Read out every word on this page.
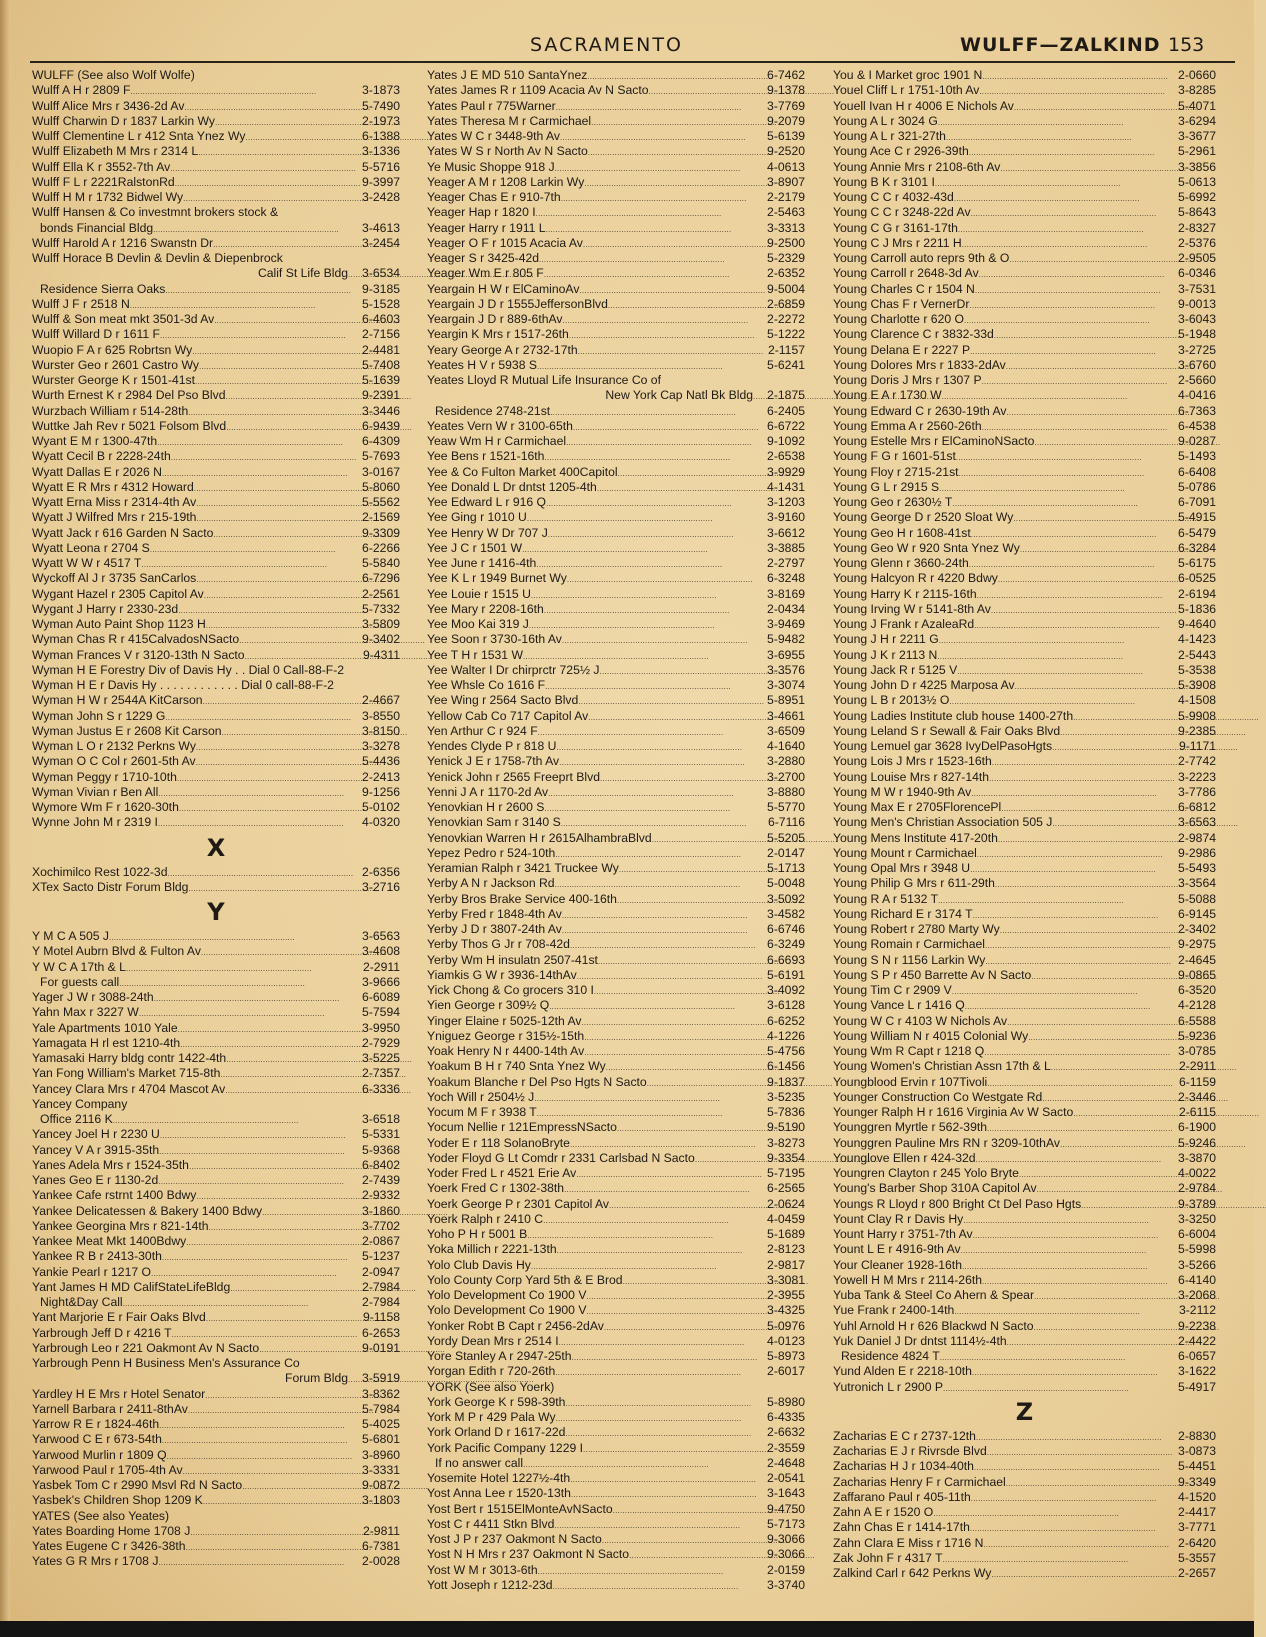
SACRAMENTO	WULFF—ZALKIND 153
WULFF (See also Wolf Wolfe)
Wulff A H r 2809 F . . .	3-1873
Wulff Alice Mrs r 3436-2d Av . . .	5-7490
Wulff Charwin D r 1837 Larkin Wy . . .	2-1973
Wulff Clementine L r 412 Snta Ynez Wy . . .	6-1388
Wulff Elizabeth M Mrs r 2314 L . . .	3-1336
Wulff Ella K r 3552-7th Av . . .	5-5716
Wulff F L r 2221RalstonRd . . .	9-3997
Wulff H M r 1732 Bidwel Wy . . .	3-2428
Wulff Hansen & Co investmnt brokers stock &
bonds Financial Bldg . . .	3-4613
Wulff Harold A r 1216 Swanstn Dr . . .	3-2454
Wulff Horace B Devlin & Devlin & Diepenbrock
Calif St Life Bldg . . . 3-6534
Residence Sierra Oaks . . .	9-3185
Wulff J F r 2518 N . . .	5-1528
Wulff & Son meat mkt 3501-3d Av . . .	6-4603
Wulff Willard D r 1611 F . . .	2-7156
Wuopio F A r 625 Robrtsn Wy . . .	2-4481
Wurster Geo r 2601 Castro Wy . . .	5-7408
Wurster George K r 1501-41st . . .	5-1639
Wurth Ernest K r 2984 Del Pso Blvd . . .	9-2391
Wurzbach William r 514-28th . . .	3-3446
Wuttke Jah Rev r 5021 Folsom Blvd . . .	6-9439
Wyant E M r 1300-47th . . .	6-4309
Wyatt Cecil B r 2228-24th . . .	5-7693
Wyatt Dallas E r 2026 N . . .	3-0167
Wyatt E R Mrs r 4312 Howard . . .	5-8060
Wyatt Erna Miss r 2314-4th Av . . .	5-5562
Wyatt J Wilfred Mrs r 215-19th . . .	2-1569
Wyatt Jack r 616 Garden N Sacto . . .	9-3309
Wyatt Leona r 2704 S . . .	6-2266
Wyatt W W r 4517 T . . .	5-5840
Wyckoff Al J r 3735 SanCarlos . . .	6-7296
Wygant Hazel r 2305 Capitol Av . . .	2-2561
Wygant J Harry r 2330-23d . . .	5-7332
Wyman Auto Paint Shop 1123 H . . .	3-5809
Wyman Chas R r 415CalvadosNSacto . . .	9-3402
Wyman Frances V r 3120-13th N Sacto . . .	9-4311
Wyman H E Forestry Div of Davis Hy . . Dial 0 Call-88-F-2
Wyman H E r Davis Hy . . . . . . . . . . . . Dial 0 call-88-F-2
Wyman H W r 2544A KitCarson . . .	2-4667
Wyman John S r 1229 G . . .	3-8550
Wyman Justus E r 2608 Kit Carson . . .	3-8150
Wyman L O r 2132 Perkns Wy . . .	3-3278
Wyman O C Col r 2601-5th Av . . .	5-4436
Wyman Peggy r 1710-10th . . .	2-2413
Wyman Vivian r Ben All . . .	9-1256
Wymore Wm F r 1620-30th . . .	5-0102
Wynne John M r 2319 I . . .	4-0320
X
Xochimilco Rest 1022-3d . . .	2-6356
XTex Sacto Distr Forum Bldg . . .	3-2716
Y
Y M C A 505 J . . .	3-6563
Y Motel Aubrn Blvd & Fulton Av . . .	3-4608
Y W C A 17th & L . . .	2-2911
For guests call . . .	3-9666
Yager J W r 3088-24th . . .	6-6089
Yahn Max r 3227 W . . .	5-7594
Yale Apartments 1010 Yale . . .	3-9950
Yamagata H rl est 1210-4th . . .	2-7929
Yamasaki Harry bldg contr 1422-4th . . .	3-5225
Yan Fong William's Market 715-8th . . .	2-7357
Yancey Clara Mrs r 4704 Mascot Av . . .	6-3336
Yancey Company
Office 2116 K . . .	3-6518
Yancey Joel H r 2230 U . . .	5-5331
Yancey V A r 3915-35th . . .	5-9368
Yanes Adela Mrs r 1524-35th . . .	6-8402
Yanes Geo E r 1130-2d . . .	2-7439
Yankee Cafe rstrnt 1400 Bdwy . . .	2-9332
Yankee Delicatessen & Bakery 1400 Bdwy . . .	3-1860
Yankee Georgina Mrs r 821-14th . . .	3-7702
Yankee Meat Mkt 1400Bdwy . . .	2-0867
Yankee R B r 2413-30th . . .	5-1237
Yankie Pearl r 1217 O . . .	2-0947
Yant James H MD CalifStateLifeBldg . . .	2-7984
Night&Day Call . . .	2-7984
Yant Marjorie E r Fair Oaks Blvd . . .	9-1158
Yarbrough Jeff D r 4216 T . . .	6-2653
Yarbrough Leo r 221 Oakmont Av N Sacto . . .	9-0191
Yarbrough Penn H Business Men's Assurance Co
Forum Bldg . . . 3-5919
Yardley H E Mrs r Hotel Senator . . .	3-8362
Yarnell Barbara r 2411-8thAv . . .	5-7984
Yarrow R E r 1824-46th . . .	5-4025
Yarwood C E r 673-54th . . .	5-6801
Yarwood Murlin r 1809 Q . . .	3-8960
Yarwood Paul r 1705-4th Av . . .	3-3331
Yasbek Tom C r 2990 Msvl Rd N Sacto . . .	9-0872
Yasbek's Children Shop 1209 K . . .	3-1803
YATES (See also Yeates)
Yates Boarding Home 1708 J . . .	2-9811
Yates Eugene C r 3426-38th . . .	6-7381
Yates G R Mrs r 1708 J . . .	2-0028
Yates J E MD 510 SantaYnez . . .	6-7462
Yates James R r 1109 Acacia Av N Sacto . . .	9-1378
Yates Paul r 775Warner . . .	3-7769
Yates Theresa M r Carmichael . . .	9-2079
Yates W C r 3448-9th Av . . .	5-6139
Yates W S r North Av N Sacto . . .	9-2520
Ye Music Shoppe 918 J . . .	4-0613
Yeager A M r 1208 Larkin Wy . . .	3-8907
Yeager Chas E r 910-7th . . .	2-2179
Yeager Hap r 1820 I . . .	2-5463
Yeager Harry r 1911 L . . .	3-3313
Yeager O F r 1015 Acacia Av . . .	9-2500
Yeager S r 3425-42d . . .	5-2329
Yeager Wm E r 805 F . . .	2-6352
Yeargain H W r ElCaminoAv . . .	9-5004
Yeargain J D r 1555JeffersonBlvd . . .	2-6859
Yeargain J D r 889-6thAv . . .	2-2272
Yeargin K Mrs r 1517-26th . . .	5-1222
Yeary George A r 2732-17th . . .	2-1157
Yeates H V r 5938 S . . .	5-6241
Yeates Lloyd R Mutual Life Insurance Co of
New York Cap Natl Bk Bldg . . . 2-1875
Residence 2748-21st . . .	6-2405
Yeates Vern W r 3100-65th . . .	6-6722
Yeaw Wm H r Carmichael . . .	9-1092
Yee Bens r 1521-16th . . .	2-6538
Yee & Co Fulton Market 400Capitol . . .	3-9929
Yee Donald L Dr dntst 1205-4th . . .	4-1431
Yee Edward L r 916 Q . . .	3-1203
Yee Ging r 1010 U . . .	3-9160
Yee Henry W Dr 707 J . . .	3-6612
Yee J C r 1501 W . . .	3-3885
Yee June r 1416-4th . . .	2-2797
Yee K L r 1949 Burnet Wy . . .	6-3248
Yee Louie r 1515 U . . .	3-8169
Yee Mary r 2208-16th . . .	2-0434
Yee Moo Kai 319 J . . .	3-9469
Yee Soon r 3730-16th Av . . .	5-9482
Yee T H r 1531 W . . .	3-6955
Yee Walter I Dr chirprctr 725½ J . . .	3-3576
Yee Whsle Co 1616 F . . .	3-3074
Yee Wing r 2564 Sacto Blvd . . .	5-8951
Yellow Cab Co 717 Capitol Av . . .	3-4661
Yen Arthur C r 924 F . . .	3-6509
Yendes Clyde P r 818 U . . .	4-1640
Yenick J E r 1758-7th Av . . .	3-2880
Yenick John r 2565 Freeprt Blvd . . .	3-2700
Yenni J A r 1170-2d Av . . .	3-8880
Yenovkian H r 2600 S . . .	5-5770
Yenovkian Sam r 3140 S . . .	6-7116
Yenovkian Warren H r 2615AlhambraBlvd . . .	5-5205
Yepez Pedro r 524-10th . . .	2-0147
Yeramian Ralph r 3421 Truckee Wy . . .	5-1713
Yerby A N r Jackson Rd . . .	5-0048
Yerby Bros Brake Service 400-16th . . .	3-5092
Yerby Fred r 1848-4th Av . . .	3-4582
Yerby J D r 3807-24th Av . . .	6-6746
Yerby Thos G Jr r 708-42d . . .	6-3249
Yerby Wm H insulatn 2507-41st . . .	6-6693
Yiamkis G W r 3936-14thAv . . .	5-6191
Yick Chong & Co grocers 310 I . . .	3-4092
Yien George r 309½ Q . . .	3-6128
Yinger Elaine r 5025-12th Av . . .	6-6252
Yniguez George r 315½-15th . . .	4-1226
Yoak Henry N r 4400-14th Av . . .	5-4756
Yoakum B H r 740 Snta Ynez Wy . . .	6-1456
Yoakum Blanche r Del Pso Hgts N Sacto . . .	9-1837
Yoch Will r 2504½ J . . .	3-5235
Yocum M F r 3938 T . . .	5-7836
Yocum Nellie r 121EmpressNSacto . . .	9-5190
Yoder E r 118 SolanoBryte . . .	3-8273
Yoder Floyd G Lt Comdr r 2331 Carlsbad N Sacto . . .	9-3354
Yoder Fred L r 4521 Erie Av . . .	5-7195
Yoerk Fred C r 1302-38th . . .	6-2565
Yoerk George P r 2301 Capitol Av . . .	2-0624
Yoerk Ralph r 2410 C . . .	4-0459
Yoho P H r 5001 B . . .	5-1689
Yoka Millich r 2221-13th . . .	2-8123
Yolo Club Davis Hy . . .	2-9817
Yolo County Corp Yard 5th & E Brod . . .	3-3081
Yolo Development Co 1900 V . . .	2-3955
Yolo Development Co 1900 V . . .	3-4325
Yonker Robt B Capt r 2456-2dAv . . .	5-0976
Yordy Dean Mrs r 2514 I . . .	4-0123
Yore Stanley A r 2947-25th . . .	5-8973
Yorgan Edith r 720-26th . . .	2-6017
YORK (See also Yoerk)
York George K r 598-39th . . .	5-8980
York M P r 429 Pala Wy . . .	6-4335
York Orland D r 1617-22d . . .	2-6632
York Pacific Company 1229 I . . .	2-3559
If no answer call . . .	2-4648
Yosemite Hotel 1227½-4th . . .	2-0541
Yost Anna Lee r 1520-13th . . .	3-1643
Yost Bert r 1515ElMonteAvNSacto . . .	9-4750
Yost C r 4411 Stkn Blvd . . .	5-7173
Yost J P r 237 Oakmont N Sacto . . .	9-3066
Yost N H Mrs r 237 Oakmont N Sacto . . .	9-3066
Yost W M r 3013-6th . . .	2-0159
Yott Joseph r 1212-23d . . .	3-3740
You & I Market groc 1901 N . . .	2-0660
Youel Cliff L r 1751-10th Av . . .	3-8285
Youell Ivan H r 4006 E Nichols Av . . .	5-4071
Young A L r 3024 G . . .	3-6294
Young A L r 321-27th . . .	3-3677
Young Ace C r 2926-39th . . .	5-2961
Young Annie Mrs r 2108-6th Av . . .	3-3856
Young B K r 3101 I . . .	5-0613
Young C C r 4032-43d . . .	5-6992
Young C C r 3248-22d Av . . .	5-8643
Young C G r 3161-17th . . .	2-8327
Young C J Mrs r 2211 H . . .	2-5376
Young Carroll auto reprs 9th & O . . .	2-9505
Young Carroll r 2648-3d Av . . .	6-0346
Young Charles C r 1504 N . . .	3-7531
Young Chas F r VernerDr . . .	9-0013
Young Charlotte r 620 O . . .	3-6043
Young Clarence C r 3832-33d . . .	5-1948
Young Delana E r 2227 P . . .	3-2725
Young Dolores Mrs r 1833-2dAv . . .	3-6760
Young Doris J Mrs r 1307 P . . .	2-5660
Young E A r 1730 W . . .	4-0416
Young Edward C r 2630-19th Av . . .	6-7363
Young Emma A r 2560-26th . . .	6-4538
Young Estelle Mrs r ElCaminoNSacto . . .	9-0287
Young F G r 1601-51st . . .	5-1493
Young Floy r 2715-21st . . .	6-6408
Young G L r 2915 S . . .	5-0786
Young Geo r 2630½ T . . .	6-7091
Young George D r 2520 Sloat Wy . . .	5-4915
Young Geo H r 1608-41st . . .	6-5479
Young Geo W r 920 Snta Ynez Wy . . .	6-3284
Young Glenn r 3660-24th . . .	5-6175
Young Halcyon R r 4220 Bdwy . . .	6-0525
Young Harry K r 2115-16th . . .	2-6194
Young Irving W r 5141-8th Av . . .	5-1836
Young J Frank r AzaleaRd . . .	9-4640
Young J H r 2211 G . . .	4-1423
Young J K r 2113 N . . .	2-5443
Young Jack R r 5125 V . . .	5-3538
Young John D r 4225 Marposa Av . . .	5-3908
Young L B r 2013½ O . . .	4-1508
Young Ladies Institute club house 1400-27th . . .	5-9908
Young Leland S r Sewall & Fair Oaks Blvd . . .	9-2385
Young Lemuel gar 3628 IvyDelPasoHgts . . .	9-1171
Young Lois J Mrs r 1523-16th . . .	2-7742
Young Louise Mrs r 827-14th . . .	3-2223
Young M W r 1940-9th Av . . .	3-7786
Young Max E r 2705FlorencePl . . .	6-6812
Young Men's Christian Association 505 J . . .	3-6563
Young Mens Institute 417-20th . . .	2-9874
Young Mount r Carmichael . . .	9-2986
Young Opal Mrs r 3948 U . . .	5-5493
Young Philip G Mrs r 611-29th . . .	3-3564
Young R A r 5132 T . . .	5-5088
Young Richard E r 3174 T . . .	6-9145
Young Robert r 2780 Marty Wy . . .	2-3402
Young Romain r Carmichael . . .	9-2975
Young S N r 1156 Larkin Wy . . .	2-4645
Young S P r 450 Barrette Av N Sacto . . .	9-0865
Young Tim C r 2909 V . . .	6-3520
Young Vance L r 1416 Q . . .	4-2128
Young W C r 4103 W Nichols Av . . .	6-5588
Young William N r 4015 Colonial Wy . . .	5-9236
Young Wm R Capt r 1218 Q . . .	3-0785
Young Women's Christian Assn 17th & L . . .	2-2911
Youngblood Ervin r 107Tivoli . . .	6-1159
Younger Construction Co Westgate Rd . . .	2-3446
Younger Ralph H r 1616 Virginia Av W Sacto . . .	2-6115
Younggren Myrtle r 562-39th . . .	6-1900
Younggren Pauline Mrs RN r 3209-10thAv . . .	5-9246
Younglove Ellen r 424-32d . . .	3-3870
Youngren Clayton r 245 Yolo Bryte . . .	4-0022
Young's Barber Shop 310A Capitol Av . . .	2-9784
Youngs R Lloyd r 800 Bright Ct Del Paso Hgts . . .	9-3789
Yount Clay R r Davis Hy . . .	3-3250
Yount Harry r 3751-7th Av . . .	6-6004
Yount L E r 4916-9th Av . . .	5-5998
Your Cleaner 1928-16th . . .	3-5266
Yowell H M Mrs r 2114-26th . . .	6-4140
Yuba Tank & Steel Co Ahern & Spear . . .	3-2068
Yue Frank r 2400-14th . . .	3-2112
Yuhl Arnold H r 626 Blackwd N Sacto . . .	9-2238
Yuk Daniel J Dr dntst 1114½-4th . . .	2-4422
Residence 4824 T . . .	6-0657
Yund Alden E r 2218-10th . . .	3-1622
Yutronich L r 2900 P . . .	5-4917
Z
Zacharias E C r 2737-12th . . .	2-8830
Zacharias E J r Rivrsde Blvd . . .	3-0873
Zacharias H J r 1034-40th . . .	5-4451
Zacharias Henry F r Carmichael . . .	9-3349
Zaffarano Paul r 405-11th . . .	4-1520
Zahn A E r 1520 O . . .	2-4417
Zahn Chas E r 1414-17th . . .	3-7771
Zahn Clara E Miss r 1716 N . . .	2-6420
Zak John F r 4317 T . . .	5-3557
Zalkind Carl r 642 Perkns Wy . . .	2-2657
